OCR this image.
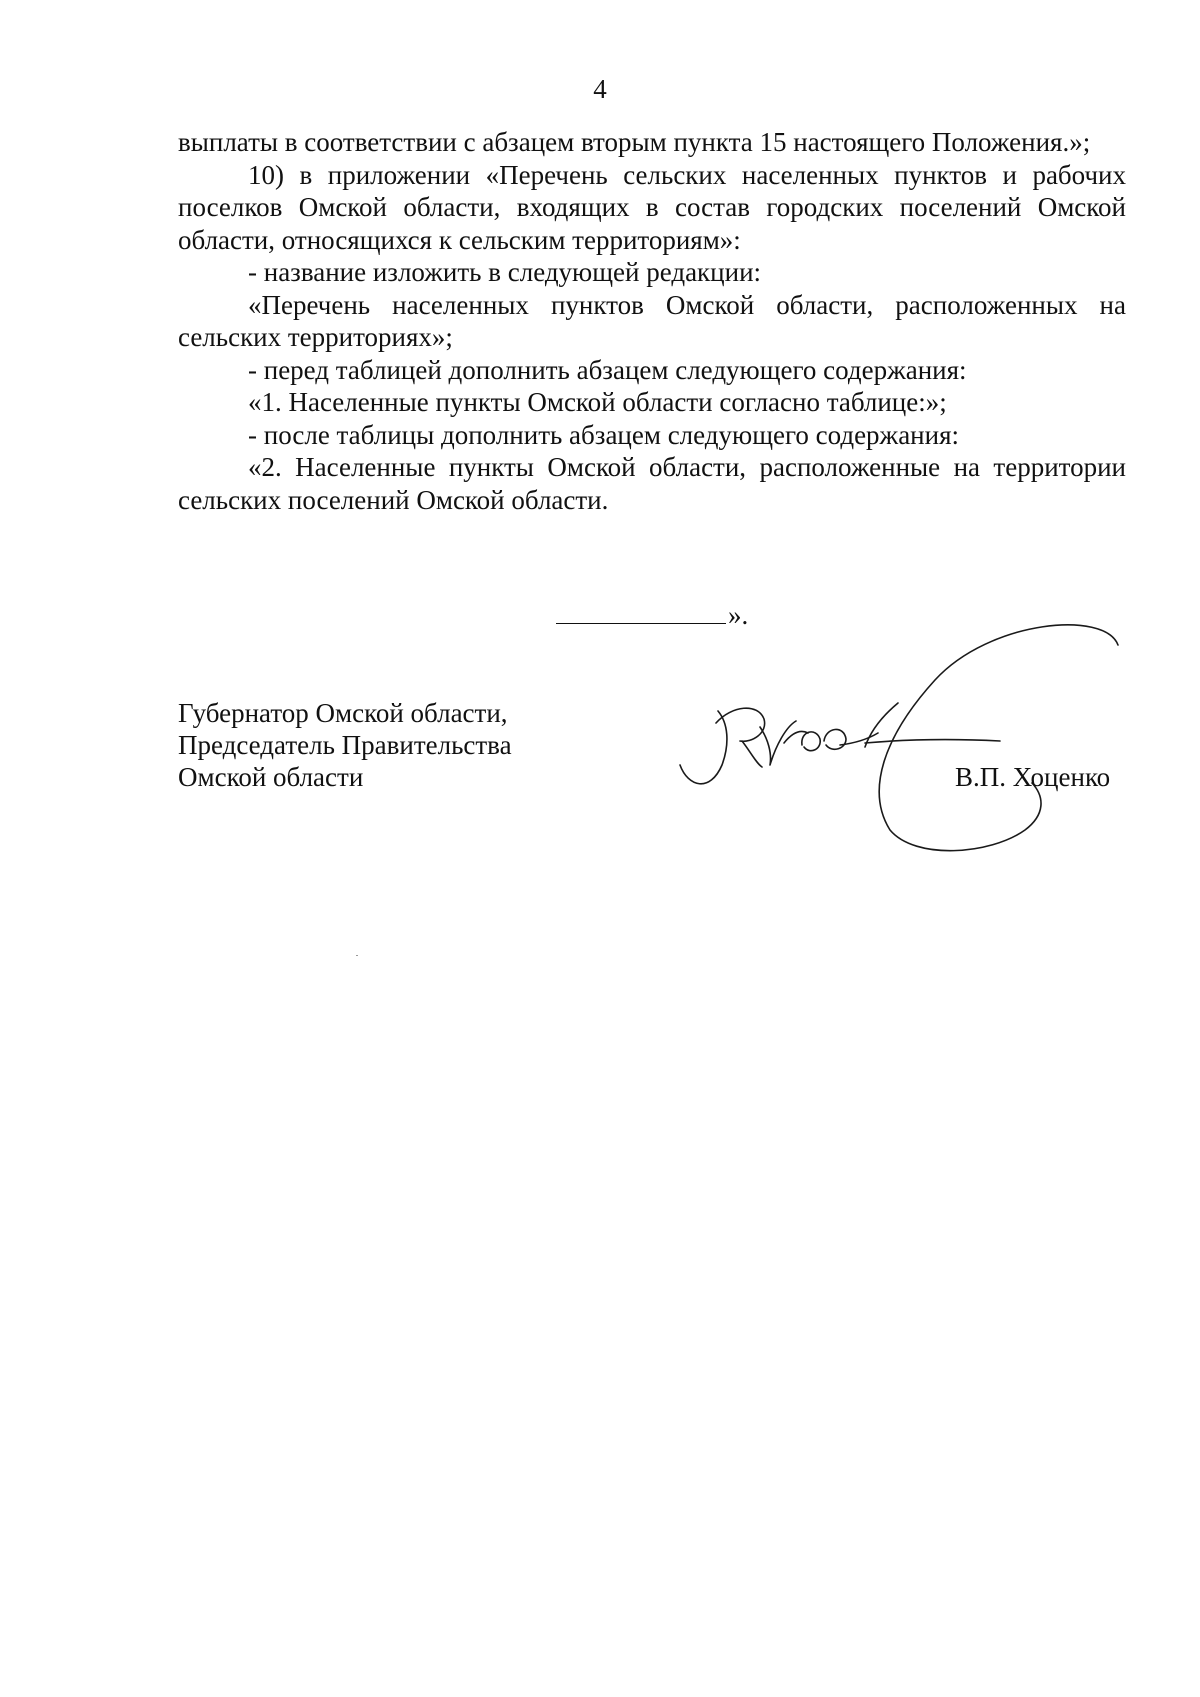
4

выплаты в соответствии с абзацем вторым пункта 15 настоящего Положения.»;

10) в приложении «Перечень сельских населенных пунктов и рабочих поселков Омской области, входящих в состав городских поселений Омской области, относящихся к сельским территориям»:

- название изложить в следующей редакции:

«Перечень населенных пунктов Омской области, расположенных на сельских территориях»;

- перед таблицей дополнить абзацем следующего содержания:

«1. Населенные пункты Омской области согласно таблице:»;

- после таблицы дополнить абзацем следующего содержания:

«2. Населенные пункты Омской области, расположенные на территории сельских поселений Омской области.

».
Губернатор Омской области,
Председатель Правительства
Омской области	В.П. Хоценко
